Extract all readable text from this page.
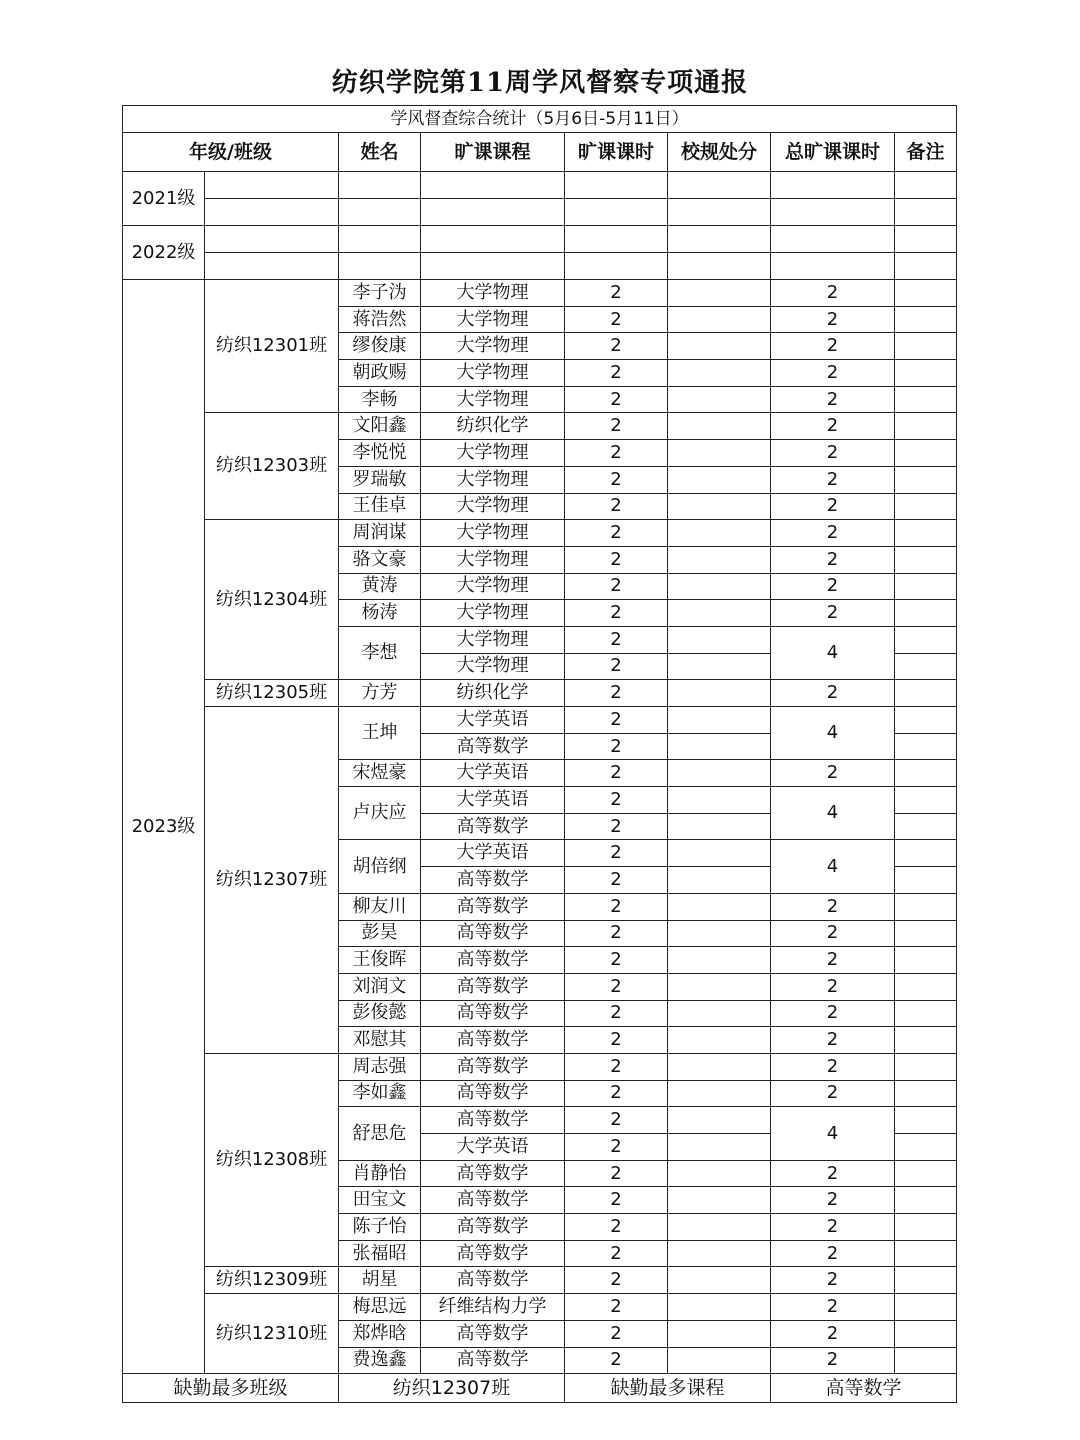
纺织学院第11周学风督察专项通报
学风督查综合统计（5月6日-5月11日）							
年级/班级		姓名	旷课课程	旷课课时	校规处分	总旷课课时	备注
2021级							

2022级							

2023级	纺织12301班	李子沩	大学物理	2		2	
		蒋浩然	大学物理	2		2	
		缪俊康	大学物理	2		2	
		朝政赐	大学物理	2		2	
		李畅	大学物理	2		2	
	纺织12303班	文阳鑫	纺织化学	2		2	
		李悦悦	大学物理	2		2	
		罗瑞敏	大学物理	2		2	
		王佳卓	大学物理	2		2	
	纺织12304班	周润谋	大学物理	2		2	
		骆文豪	大学物理	2		2	
		黄涛	大学物理	2		2	
		杨涛	大学物理	2		2	
		李想	大学物理	2		4	
			大学物理	2			
	纺织12305班	方芳	纺织化学	2		2	
	纺织12307班	王坤	大学英语	2		4	
			高等数学	2			
		宋煜豪	大学英语	2		2	
		卢庆应	大学英语	2		4	
			高等数学	2			
		胡倍纲	大学英语	2		4	
			高等数学	2			
		柳友川	高等数学	2		2	
		彭昊	高等数学	2		2	
		王俊晖	高等数学	2		2	
		刘润文	高等数学	2		2	
		彭俊懿	高等数学	2		2	
		邓慰其	高等数学	2		2	
	纺织12308班	周志强	高等数学	2		2	
		李如鑫	高等数学	2		2	
		舒思危	高等数学	2		4	
			大学英语	2			
		肖静怡	高等数学	2		2	
		田宝文	高等数学	2		2	
		陈子怡	高等数学	2		2	
		张福昭	高等数学	2		2	
	纺织12309班	胡星	高等数学	2		2	
	纺织12310班	梅思远	纤维结构力学	2		2	
		郑烨晗	高等数学	2		2	
		费逸鑫	高等数学	2		2	
缺勤最多班级		纺织12307班		缺勤最多课程		高等数学	
